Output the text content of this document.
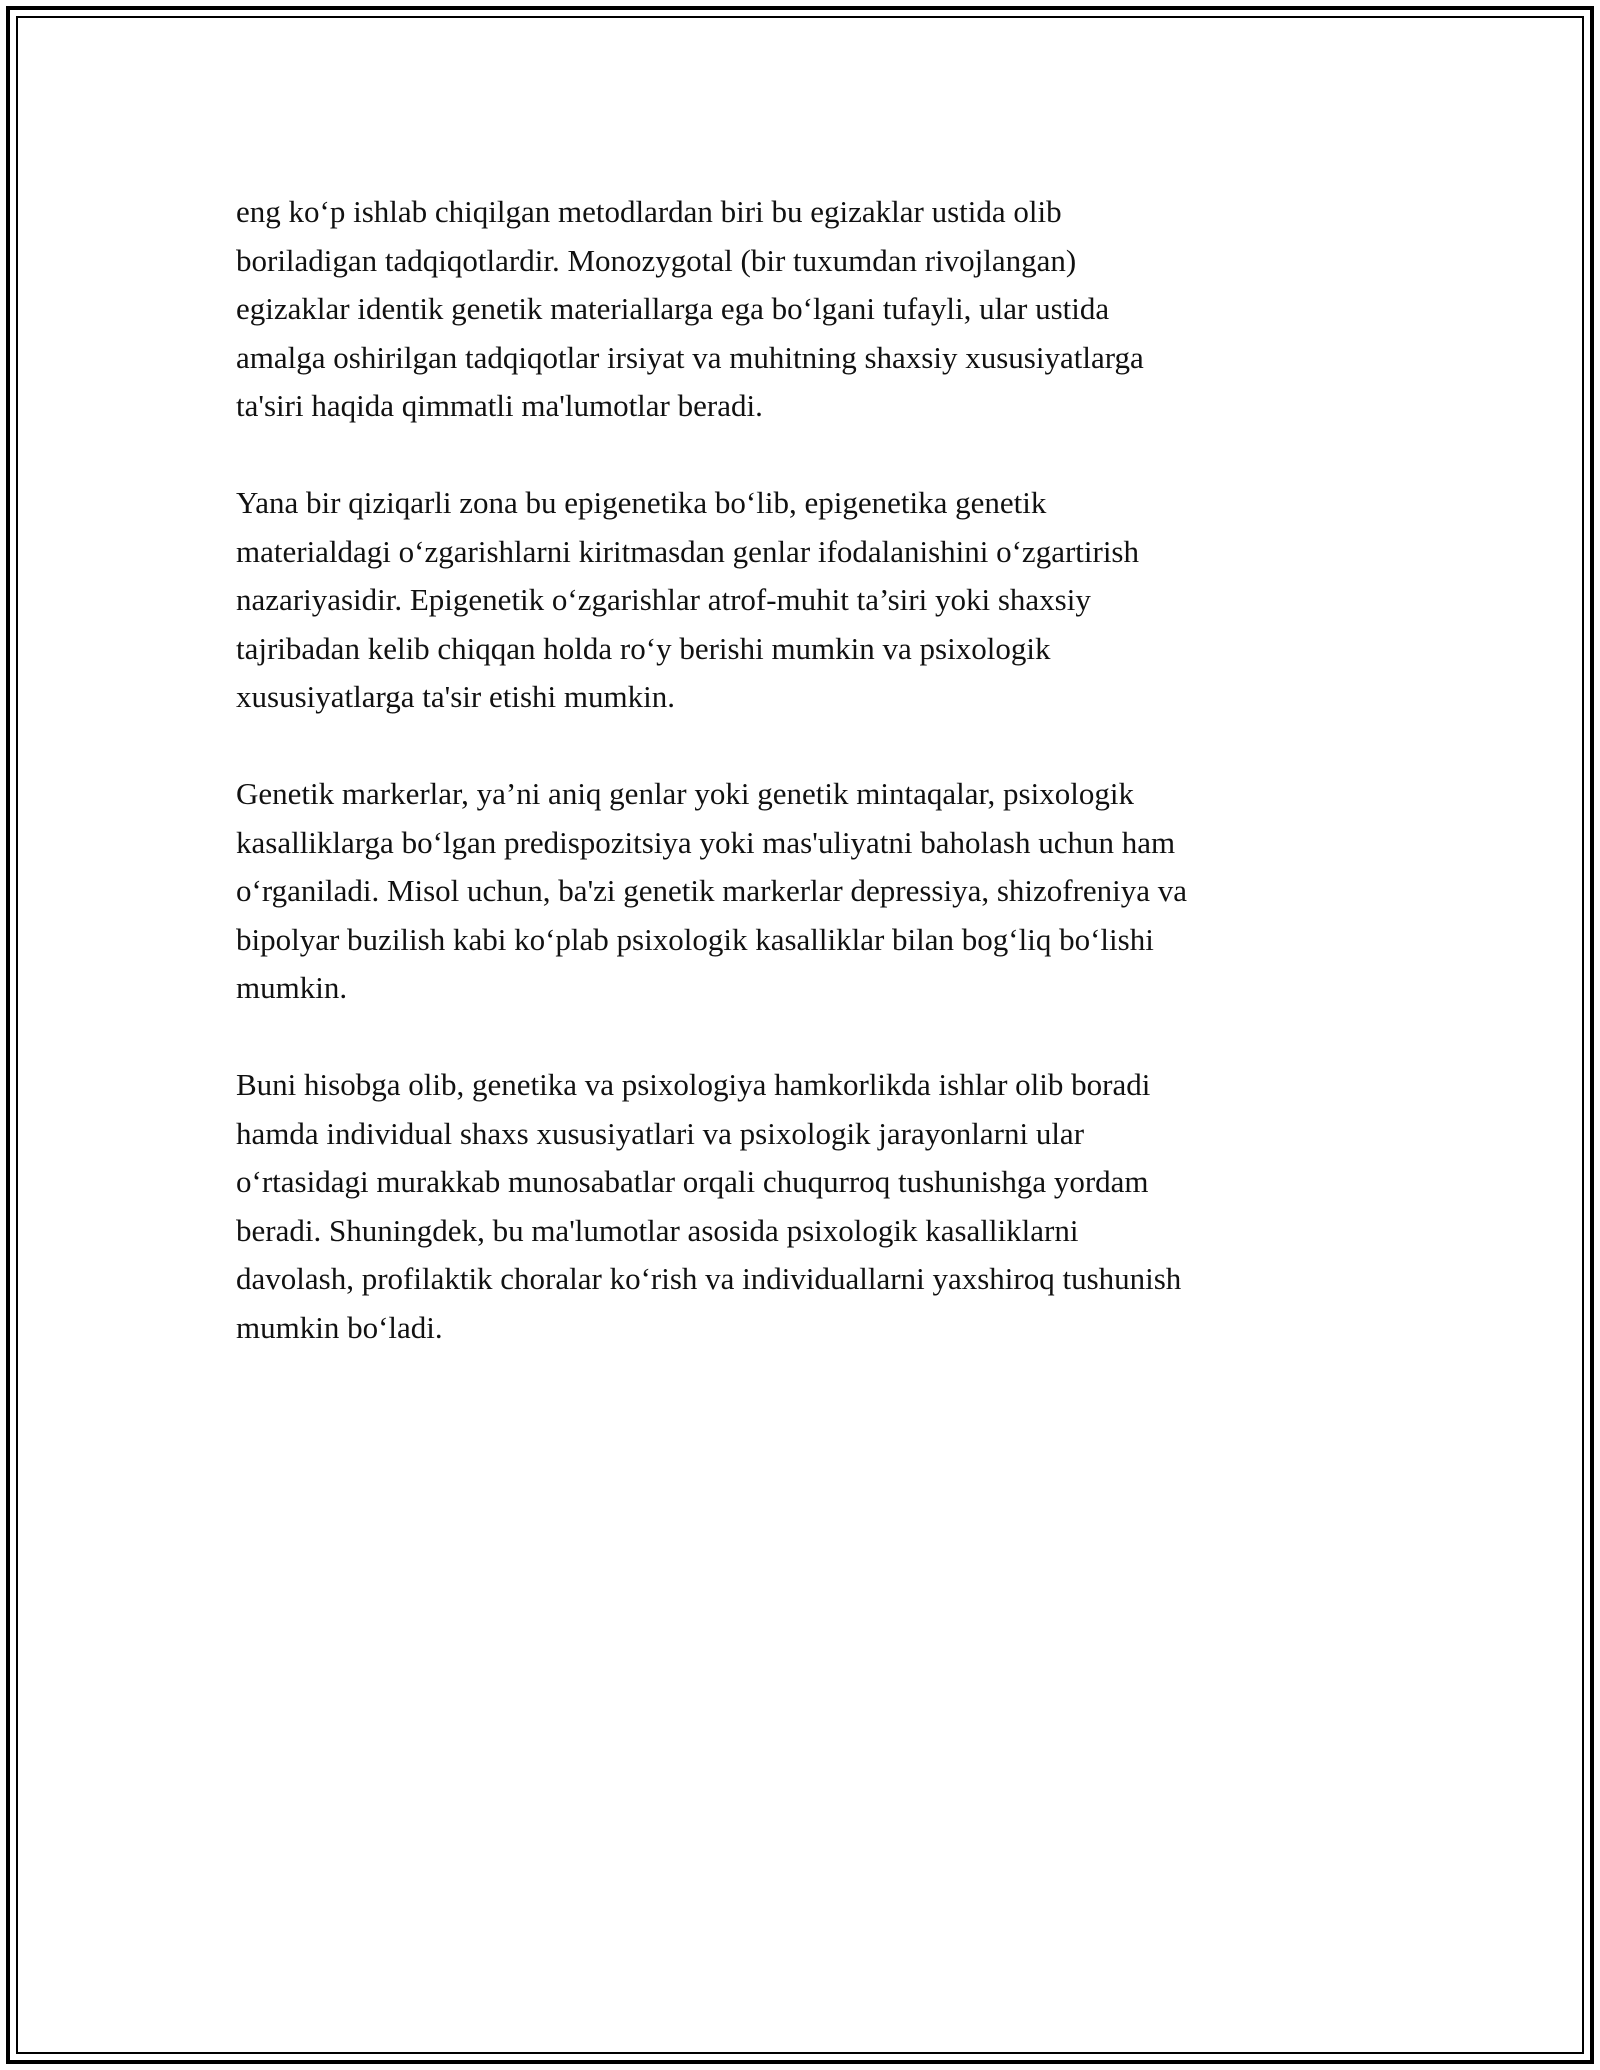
eng ko‘p ishlab chiqilgan metodlardan biri bu egizaklar ustida olib
boriladigan tadqiqotlardir. Monozygotal (bir tuxumdan rivojlangan)
egizaklar identik genetik materiallarga ega bo‘lgani tufayli, ular ustida
amalga oshirilgan tadqiqotlar irsiyat va muhitning shaxsiy xususiyatlarga
ta'siri haqida qimmatli ma'lumotlar beradi.

Yana bir qiziqarli zona bu epigenetika bo‘lib, epigenetika genetik
materialdagi o‘zgarishlarni kiritmasdan genlar ifodalanishini o‘zgartirish
nazariyasidir. Epigenetik o‘zgarishlar atrof-muhit ta’siri yoki shaxsiy
tajribadan kelib chiqqan holda ro‘y berishi mumkin va psixologik
xususiyatlarga ta'sir etishi mumkin.

Genetik markerlar, ya’ni aniq genlar yoki genetik mintaqalar, psixologik
kasalliklarga bo‘lgan predispozitsiya yoki mas'uliyatni baholash uchun ham
o‘rganiladi. Misol uchun, ba'zi genetik markerlar depressiya, shizofreniya va
bipolyar buzilish kabi ko‘plab psixologik kasalliklar bilan bog‘liq bo‘lishi
mumkin.

Buni hisobga olib, genetika va psixologiya hamkorlikda ishlar olib boradi
hamda individual shaxs xususiyatlari va psixologik jarayonlarni ular
o‘rtasidagi murakkab munosabatlar orqali chuqurroq tushunishga yordam
beradi. Shuningdek, bu ma'lumotlar asosida psixologik kasalliklarni
davolash, profilaktik choralar ko‘rish va individuallarni yaxshiroq tushunish
mumkin bo‘ladi.
